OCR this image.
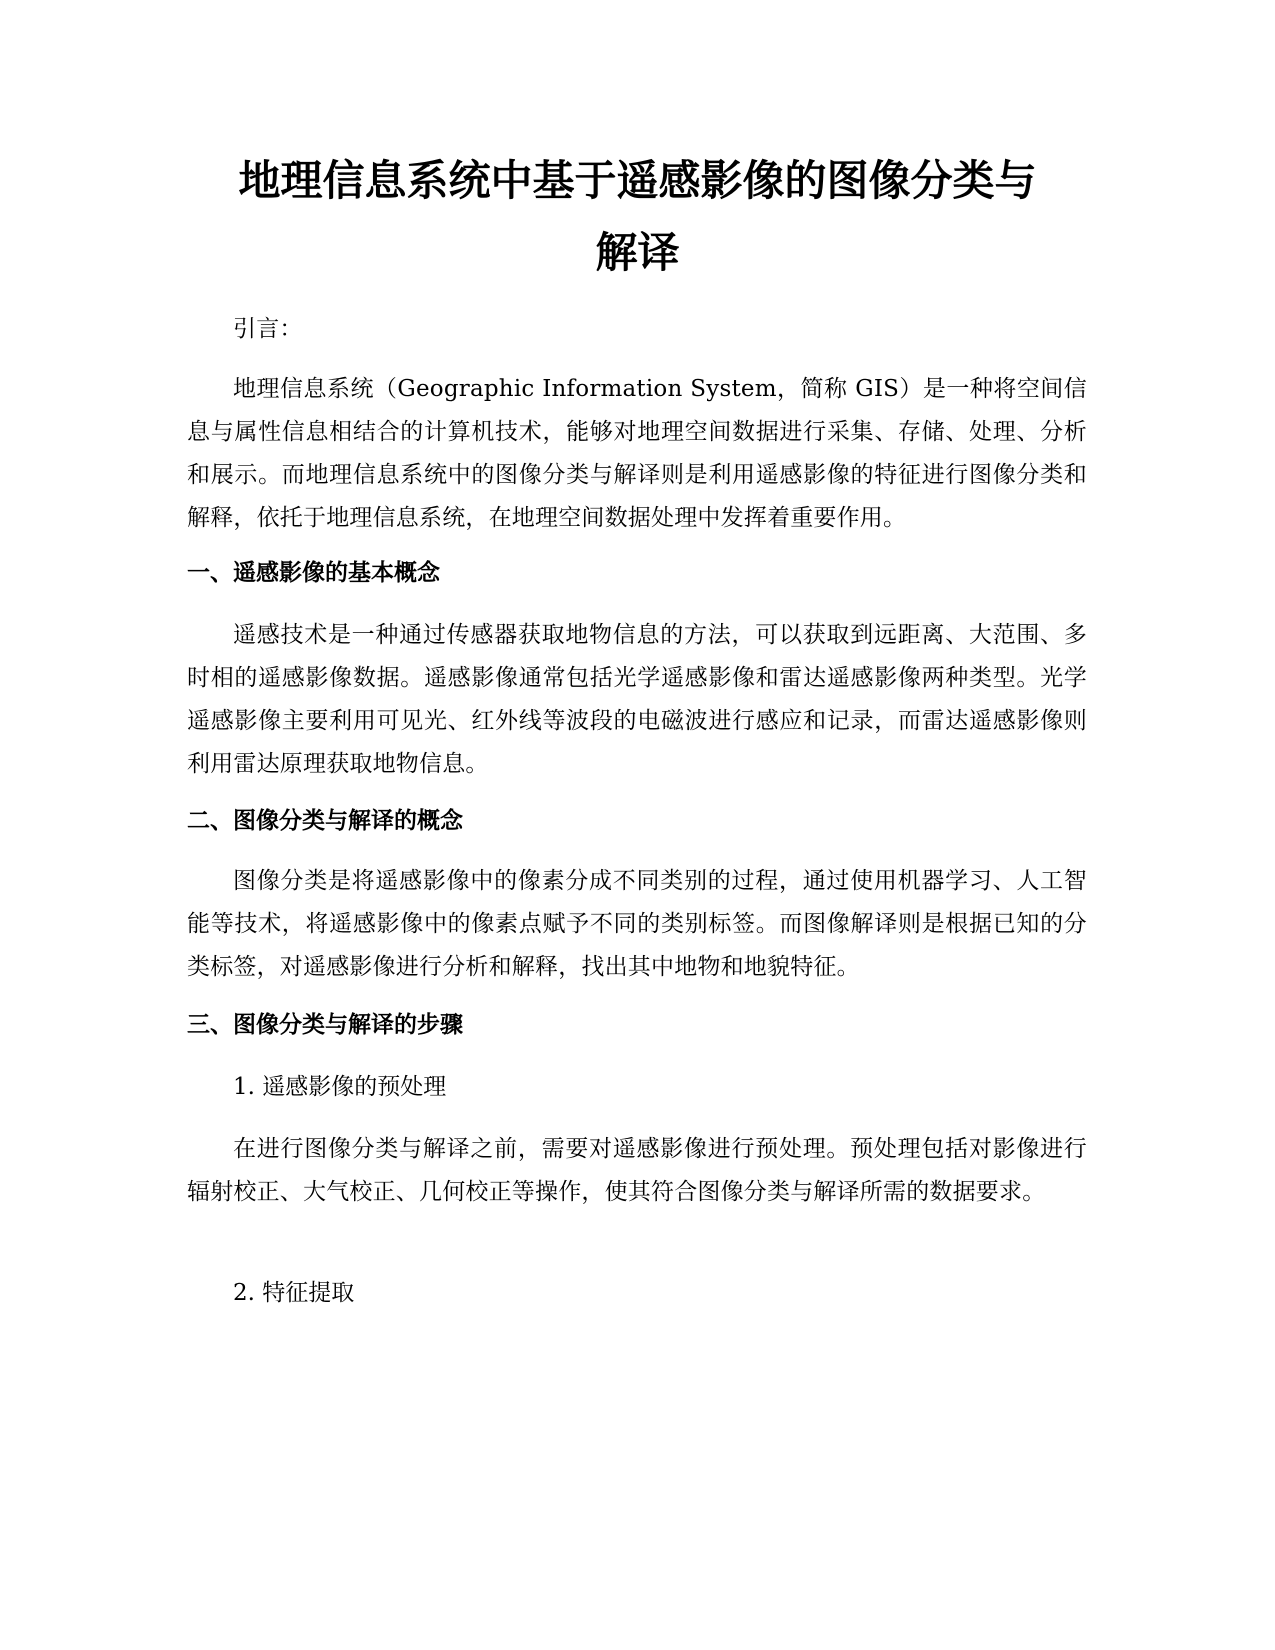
地理信息系统中基于遥感影像的图像分类与
解译

引言：

地理信息系统（Geographic Information System，简称 GIS）是一种将空间信息与属性信息相结合的计算机技术，能够对地理空间数据进行采集、存储、处理、分析和展示。而地理信息系统中的图像分类与解译则是利用遥感影像的特征进行图像分类和解释，依托于地理信息系统，在地理空间数据处理中发挥着重要作用。

一、遥感影像的基本概念

遥感技术是一种通过传感器获取地物信息的方法，可以获取到远距离、大范围、多时相的遥感影像数据。遥感影像通常包括光学遥感影像和雷达遥感影像两种类型。光学遥感影像主要利用可见光、红外线等波段的电磁波进行感应和记录，而雷达遥感影像则利用雷达原理获取地物信息。

二、图像分类与解译的概念

图像分类是将遥感影像中的像素分成不同类别的过程，通过使用机器学习、人工智能等技术，将遥感影像中的像素点赋予不同的类别标签。而图像解译则是根据已知的分类标签，对遥感影像进行分析和解释，找出其中地物和地貌特征。

三、图像分类与解译的步骤

1. 遥感影像的预处理

在进行图像分类与解译之前，需要对遥感影像进行预处理。预处理包括对影像进行辐射校正、大气校正、几何校正等操作，使其符合图像分类与解译所需的数据要求。

2. 特征提取
